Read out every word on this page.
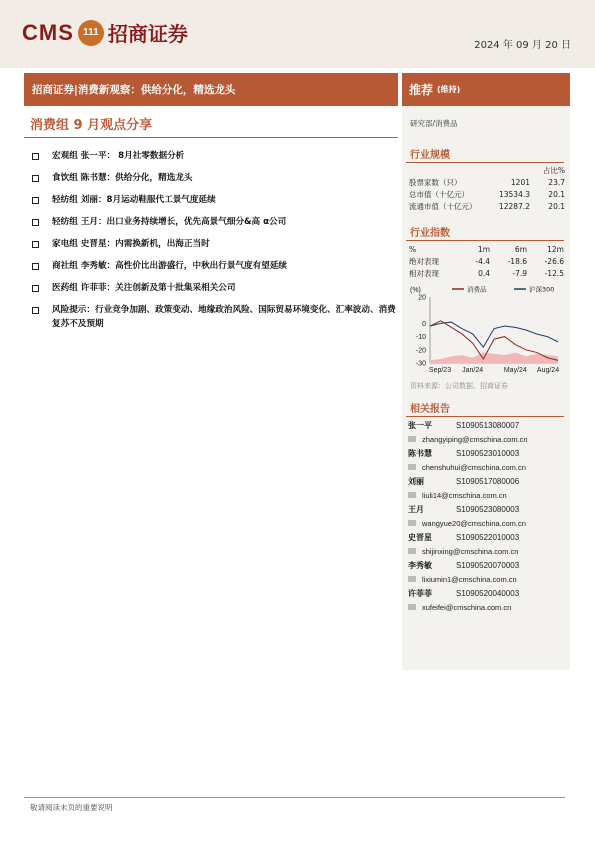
CMS 111 招商证券	2024 年 09 月 20 日
招商证券|消费新观察：供给分化，精选龙头
消费组 9 月观点分享
宏观组 张一平： 8月社零数据分析
食饮组 陈书慧：供给分化，精选龙头
轻纺组 刘丽：8月运动鞋服代工景气度延续
轻纺组 王月：出口业务持续增长，优先高景气细分&高 α公司
家电组 史晋星：内需换新机，出海正当时
商社组 李秀敏：高性价比出游盛行，中秋出行景气度有望延续
医药组 许菲菲：关注创新及第十批集采相关公司
风险提示：行业竞争加剧、政策变动、地缘政治风险、国际贸易环境变化、汇率波动、消费复苏不及预期
推荐 (维持)
研究部/消费品
行业规模
占比%
股票家数（只）	1201	23.7
总市值（十亿元）	13534.3	20.1
流通市值（十亿元）	12287.2	20.1
行业指数
%	1m	6m	12m
绝对表现	-4.4	-18.6	-26.6
相对表现	0.4	-7.9	-12.5
(%)
20
0
-10
-20
-30
消费品	沪深300
Sep/23 Jan/24	May/24 Aug/24
资料来源：公司数据、招商证券
相关报告
张一平	S1090513080007
zhangyiping@cmschina.com.cn
陈书慧	S1090523010003
chenshuhui@cmschina.com.cn
刘丽	S1090517080006
liuli14@cmschina.com.cn
王月	S1090523080003
wangyue20@cmschina.com.cn
史晋星	S1090522010003
shijinxing@cmschina.com.cn
李秀敏	S1090520070003
lixiumin1@cmschina.com.cn
许菲菲	S1090520040003
xufeifei@cmschina.com.cn
敬请阅读末页的重要说明
